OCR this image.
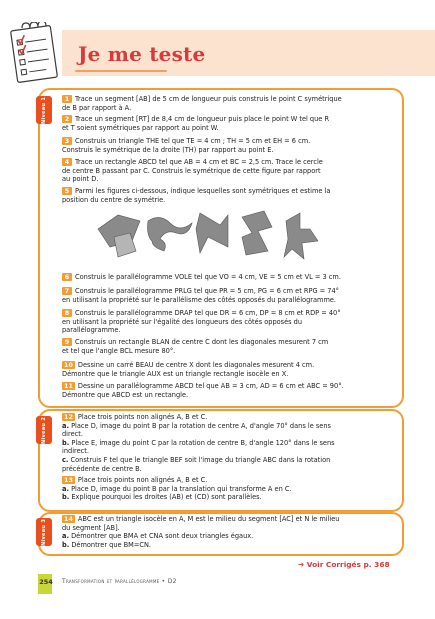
Je me teste
Niveau 1	1 Trace un segment [AB] de 5 cm de longueur puis construis le point C symétrique
de B par rapport à A.
2 Trace un segment [RT] de 8,4 cm de longueur puis place le point W tel que R
et T soient symétriques par rapport au point W.
3 Construis un triangle THE tel que TE = 4 cm ; TH = 5 cm et EH = 6 cm.
Construis le symétrique de la droite (TH) par rapport au point E.
4 Trace un rectangle ABCD tel que AB = 4 cm et BC = 2,5 cm. Trace le cercle
de centre B passant par C. Construis le symétrique de cette figure par rapport
au point D.
5 Parmi les figures ci-dessous, indique lesquelles sont symétriques et estime la
position du centre de symétrie.
6 Construis le parallélogramme VOLE tel que VO = 4 cm, VE = 5 cm et VL = 3 cm.
7 Construis le parallélogramme PRLG tel que PR = 5 cm, PG = 6 cm et RPG = 74°
en utilisant la propriété sur le parallélisme des côtés opposés du parallélogramme.
8 Construis le parallélogramme DRAP tel que DR = 6 cm, DP = 8 cm et RDP = 40°
en utilisant la propriété sur l'égalité des longueurs des côtés opposés du
parallélogramme.
9 Construis un rectangle BLAN de centre C dont les diagonales mesurent 7 cm
et tel que l'angle BCL mesure 80°.
10 Dessine un carré BEAU de centre X dont les diagonales mesurent 4 cm.
Démontre que le triangle AUX est un triangle rectangle isocèle en X.
11 Dessine un parallélogramme ABCD tel que AB = 3 cm, AD = 6 cm et ABC = 90°.
Démontre que ABCD est un rectangle.
Niveau 2	12 Place trois points non alignés A, B et C.
a. Place D, image du point B par la rotation de centre A, d'angle 70° dans le sens
direct.
b. Place E, image du point C par la rotation de centre B, d'angle 120° dans le sens
indirect.
c. Construis F tel que le triangle BEF soit l'image du triangle ABC dans la rotation
précédente de centre B.
13 Place trois points non alignés A, B et C.
a. Place D, image du point B par la translation qui transforme A en C.
b. Explique pourquoi les droites (AB) et (CD) sont parallèles.
Niveau 3	14 ABC est un triangle isocèle en A, M est le milieu du segment [AC] et N le milieu
du segment [AB].
a. Démontrer que BMA et CNA sont deux triangles égaux.
b. Démontrer que BM=CN.
➔ Voir Corrigés p. 368
254 Transformation et parallélogramme • D2
